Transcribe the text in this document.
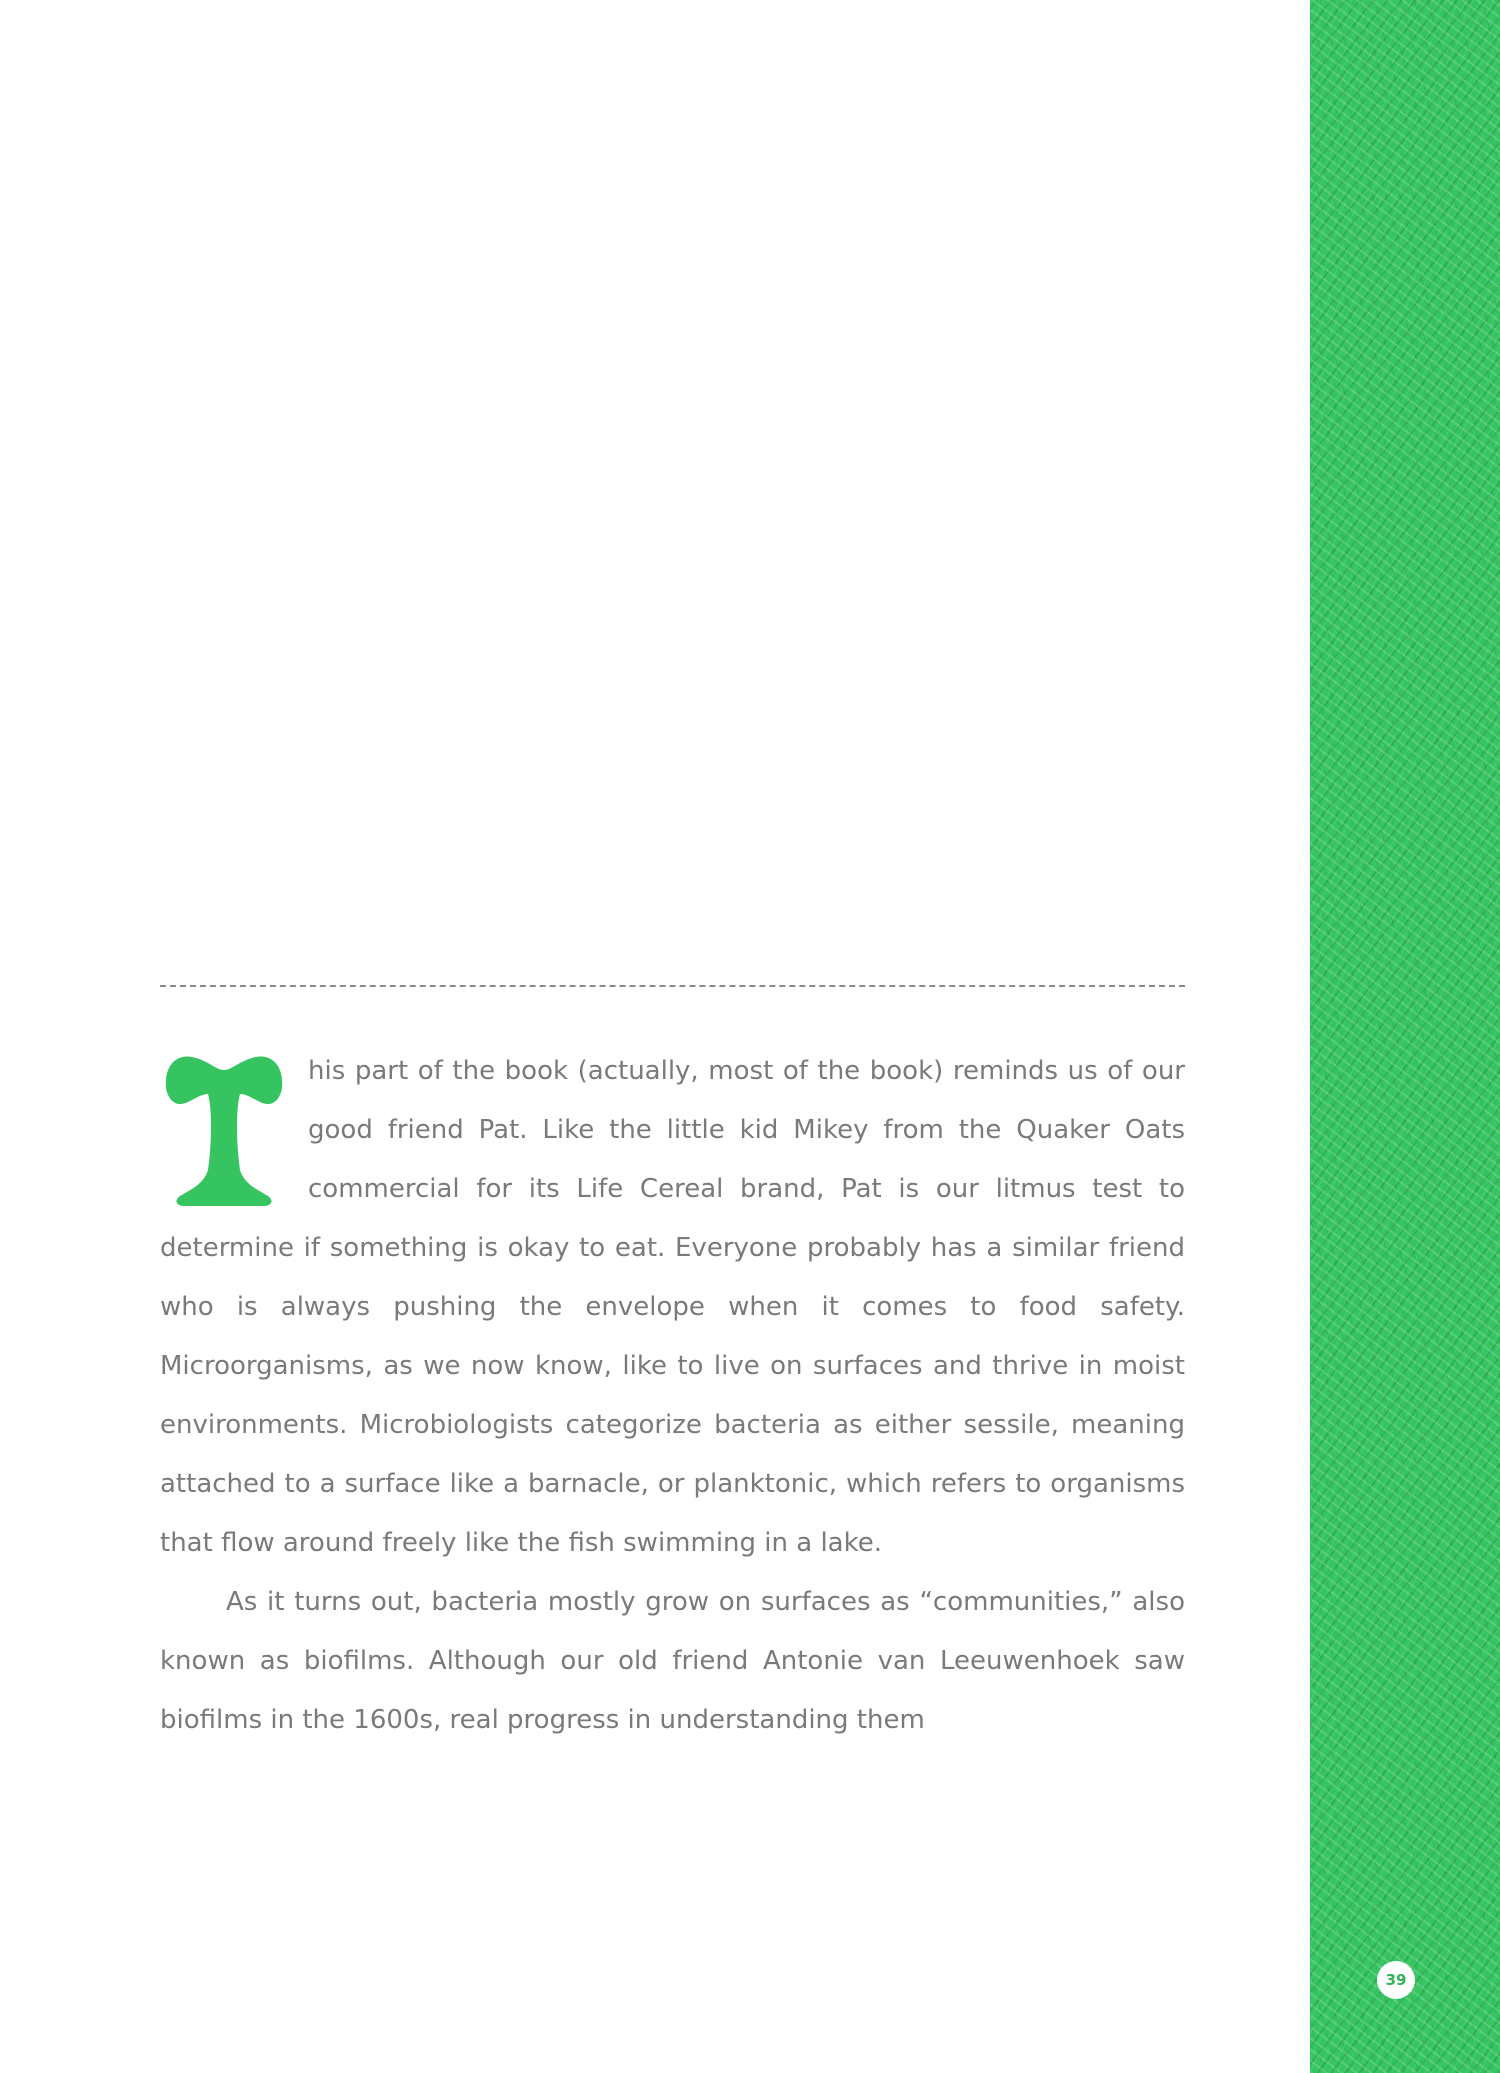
his part of the book (actually, most of the book) reminds us of our good friend Pat. Like the little kid Mikey from the Quaker Oats commercial for its Life Cereal brand, Pat is our litmus test to determine if something is okay to eat. Everyone probably has a similar friend who is always pushing the envelope when it comes to food safety. Microorganisms, as we now know, like to live on surfaces and thrive in moist environments. Microbiologists categorize bacteria as either sessile, meaning attached to a surface like a barnacle, or planktonic, which refers to organisms that flow around freely like the fish swimming in a lake.

As it turns out, bacteria mostly grow on surfaces as “communities,” also known as biofilms. Although our old friend Antonie van Leeuwenhoek saw biofilms in the 1600s, real progress in understanding them

39
